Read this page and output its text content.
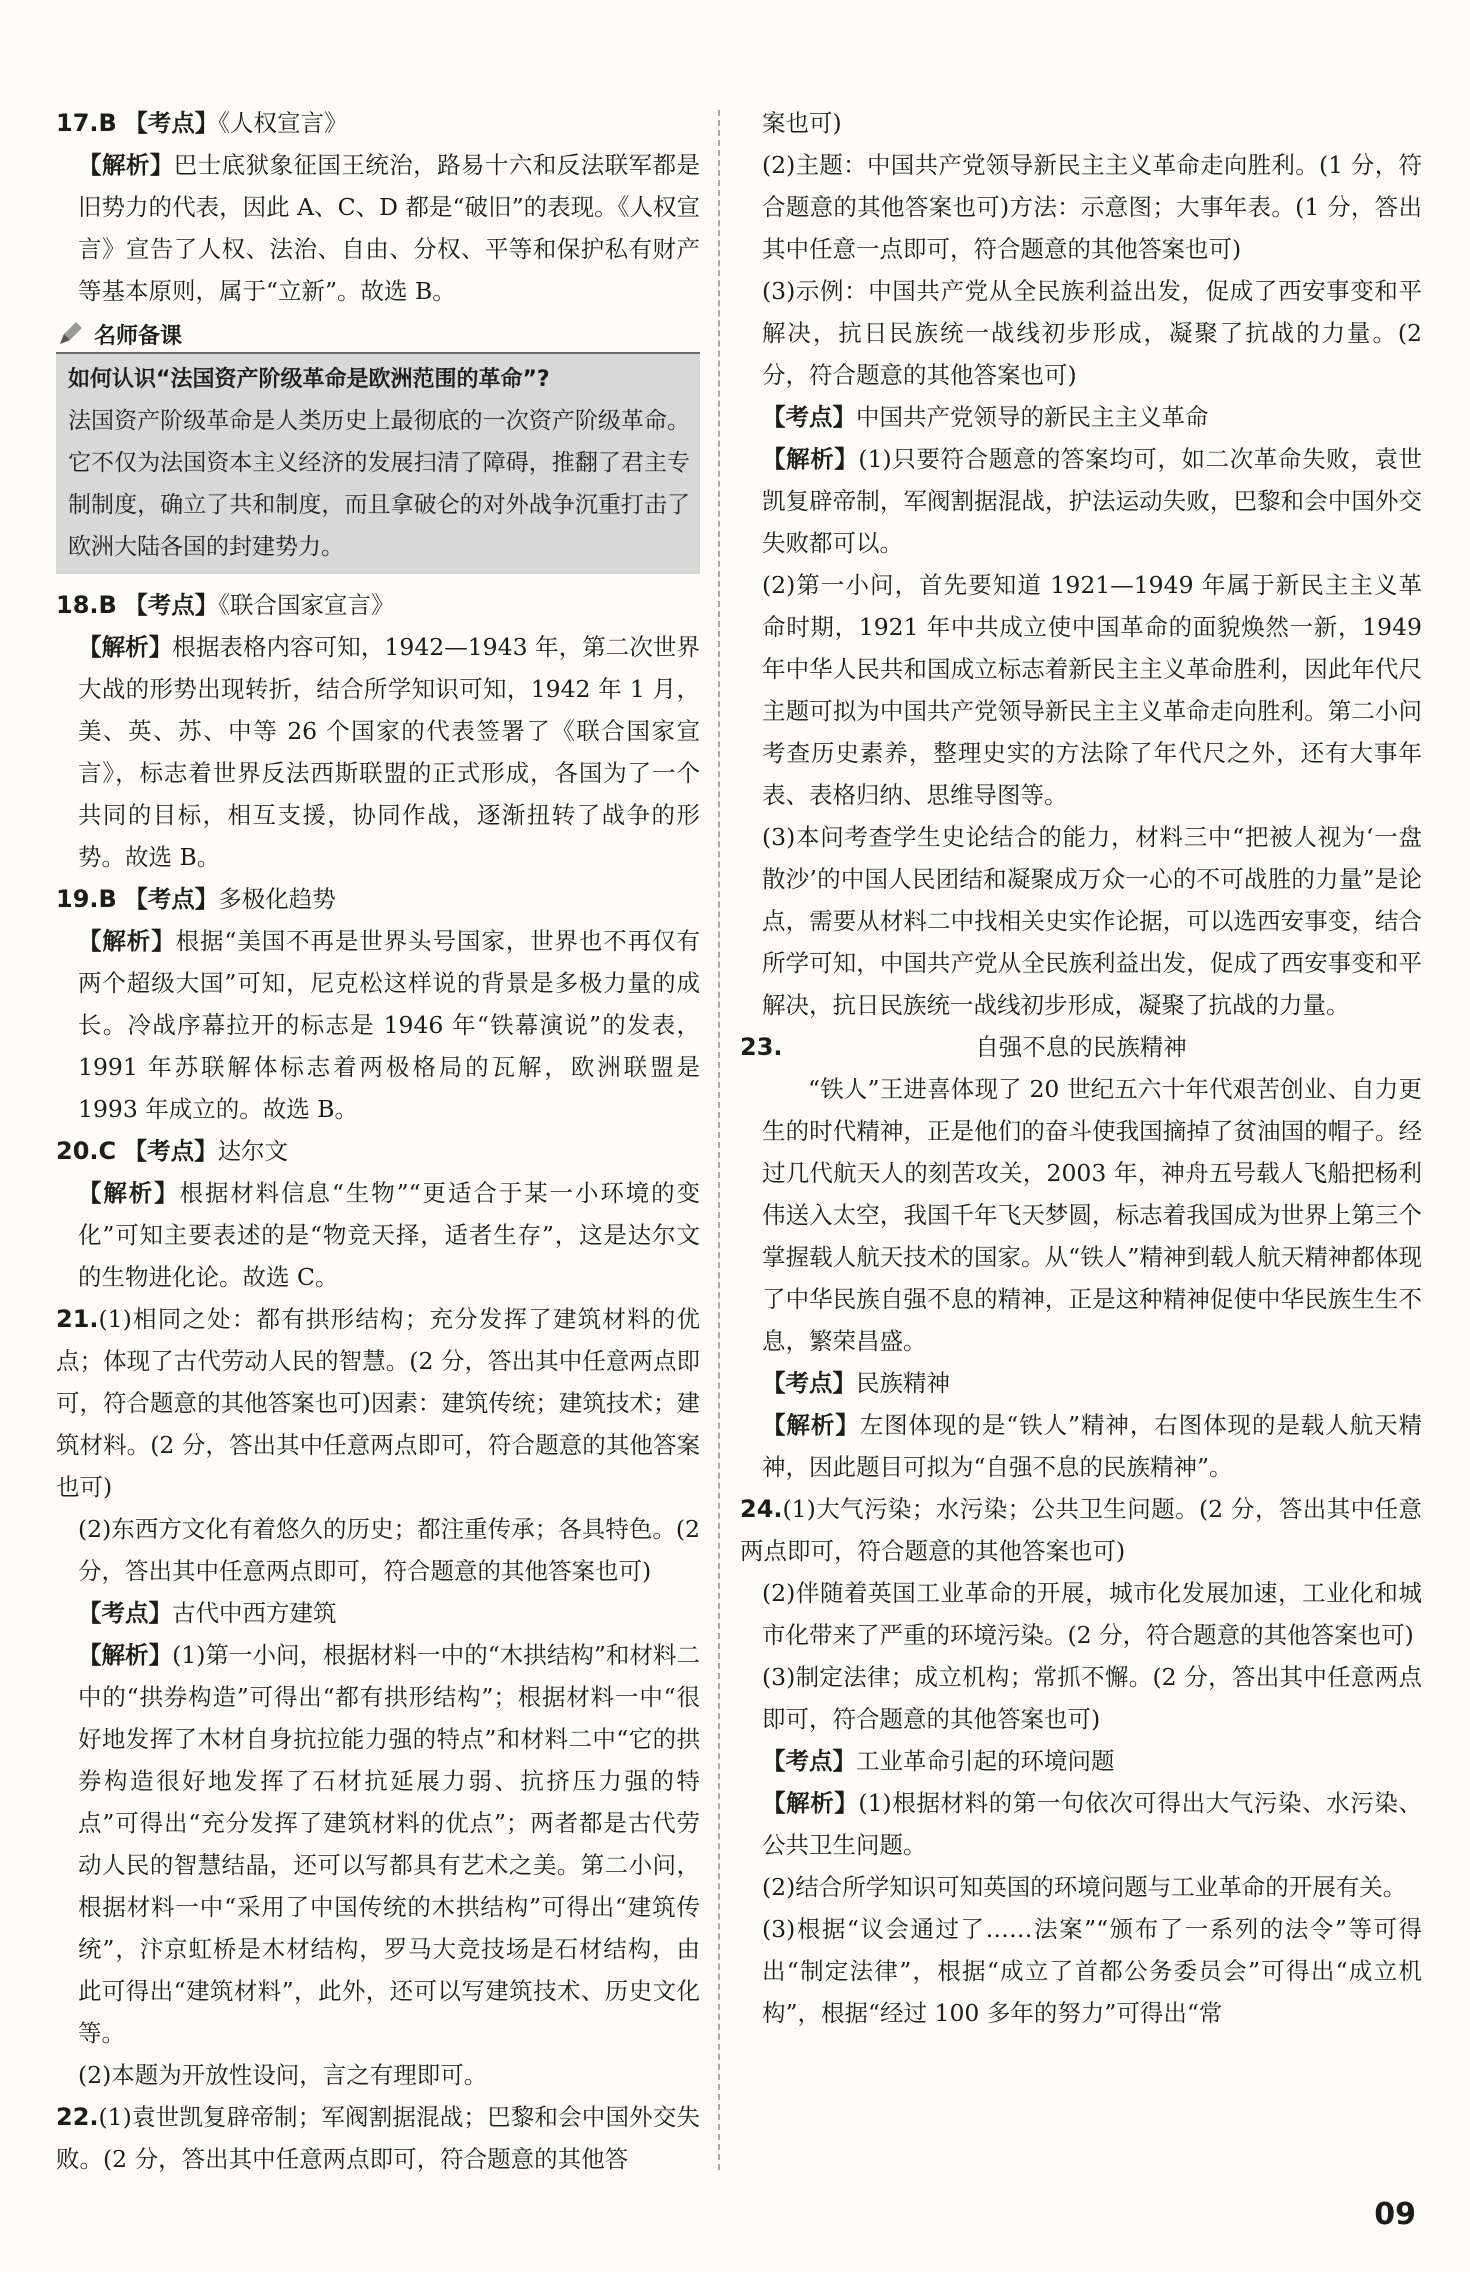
17.B 【考点】《人权宣言》

【解析】巴士底狱象征国王统治，路易十六和反法联军都是旧势力的代表，因此 A、C、D 都是“破旧”的表现。《人权宣言》宣告了人权、法治、自由、分权、平等和保护私有财产等基本原则，属于“立新”。故选 B。

名师备课
如何认识“法国资产阶级革命是欧洲范围的革命”?
法国资产阶级革命是人类历史上最彻底的一次资产阶级革命。它不仅为法国资本主义经济的发展扫清了障碍，推翻了君主专制制度，确立了共和制度，而且拿破仑的对外战争沉重打击了欧洲大陆各国的封建势力。

18.B 【考点】《联合国家宣言》

【解析】根据表格内容可知，1942—1943 年，第二次世界大战的形势出现转折，结合所学知识可知，1942 年 1 月，美、英、苏、中等 26 个国家的代表签署了《联合国家宣言》，标志着世界反法西斯联盟的正式形成，各国为了一个共同的目标，相互支援，协同作战，逐渐扭转了战争的形势。故选 B。

19.B 【考点】多极化趋势

【解析】根据“美国不再是世界头号国家，世界也不再仅有两个超级大国”可知，尼克松这样说的背景是多极力量的成长。冷战序幕拉开的标志是 1946 年“铁幕演说”的发表，1991 年苏联解体标志着两极格局的瓦解，欧洲联盟是 1993 年成立的。故选 B。

20.C 【考点】达尔文

【解析】根据材料信息“生物”“更适合于某一小环境的变化”可知主要表述的是“物竞天择，适者生存”，这是达尔文的生物进化论。故选 C。

21.(1)相同之处：都有拱形结构；充分发挥了建筑材料的优点；体现了古代劳动人民的智慧。(2 分，答出其中任意两点即可，符合题意的其他答案也可)因素：建筑传统；建筑技术；建筑材料。(2 分，答出其中任意两点即可，符合题意的其他答案也可)

(2)东西方文化有着悠久的历史；都注重传承；各具特色。(2 分，答出其中任意两点即可，符合题意的其他答案也可)

【考点】古代中西方建筑

【解析】(1)第一小问，根据材料一中的“木拱结构”和材料二中的“拱券构造”可得出“都有拱形结构”；根据材料一中“很好地发挥了木材自身抗拉能力强的特点”和材料二中“它的拱券构造很好地发挥了石材抗延展力弱、抗挤压力强的特点”可得出“充分发挥了建筑材料的优点”；两者都是古代劳动人民的智慧结晶，还可以写都具有艺术之美。第二小问，根据材料一中“采用了中国传统的木拱结构”可得出“建筑传统”，汴京虹桥是木材结构，罗马大竞技场是石材结构，由此可得出“建筑材料”，此外，还可以写建筑技术、历史文化等。

(2)本题为开放性设问，言之有理即可。

22.(1)袁世凯复辟帝制；军阀割据混战；巴黎和会中国外交失败。(2 分，答出其中任意两点即可，符合题意的其他答

案也可)

(2)主题：中国共产党领导新民主主义革命走向胜利。(1 分，符合题意的其他答案也可)方法：示意图；大事年表。(1 分，答出其中任意一点即可，符合题意的其他答案也可)

(3)示例：中国共产党从全民族利益出发，促成了西安事变和平解决，抗日民族统一战线初步形成，凝聚了抗战的力量。(2 分，符合题意的其他答案也可)

【考点】中国共产党领导的新民主主义革命

【解析】(1)只要符合题意的答案均可，如二次革命失败，袁世凯复辟帝制，军阀割据混战，护法运动失败，巴黎和会中国外交失败都可以。

(2)第一小问，首先要知道 1921—1949 年属于新民主主义革命时期，1921 年中共成立使中国革命的面貌焕然一新，1949 年中华人民共和国成立标志着新民主主义革命胜利，因此年代尺主题可拟为中国共产党领导新民主主义革命走向胜利。第二小问考查历史素养，整理史实的方法除了年代尺之外，还有大事年表、表格归纳、思维导图等。

(3)本问考查学生史论结合的能力，材料三中“把被人视为‘一盘散沙’的中国人民团结和凝聚成万众一心的不可战胜的力量”是论点，需要从材料二中找相关史实作论据，可以选西安事变，结合所学可知，中国共产党从全民族利益出发，促成了西安事变和平解决，抗日民族统一战线初步形成，凝聚了抗战的力量。

23.	自强不息的民族精神

“铁人”王进喜体现了 20 世纪五六十年代艰苦创业、自力更生的时代精神，正是他们的奋斗使我国摘掉了贫油国的帽子。经过几代航天人的刻苦攻关，2003 年，神舟五号载人飞船把杨利伟送入太空，我国千年飞天梦圆，标志着我国成为世界上第三个掌握载人航天技术的国家。从“铁人”精神到载人航天精神都体现了中华民族自强不息的精神，正是这种精神促使中华民族生生不息，繁荣昌盛。

【考点】民族精神

【解析】左图体现的是“铁人”精神，右图体现的是载人航天精神，因此题目可拟为“自强不息的民族精神”。

24.(1)大气污染；水污染；公共卫生问题。(2 分，答出其中任意两点即可，符合题意的其他答案也可)

(2)伴随着英国工业革命的开展，城市化发展加速，工业化和城市化带来了严重的环境污染。(2 分，符合题意的其他答案也可)

(3)制定法律；成立机构；常抓不懈。(2 分，答出其中任意两点即可，符合题意的其他答案也可)

【考点】工业革命引起的环境问题

【解析】(1)根据材料的第一句依次可得出大气污染、水污染、公共卫生问题。

(2)结合所学知识可知英国的环境问题与工业革命的开展有关。

(3)根据“议会通过了……法案”“颁布了一系列的法令”等可得出“制定法律”，根据“成立了首都公务委员会”可得出“成立机构”，根据“经过 100 多年的努力”可得出“常

09
